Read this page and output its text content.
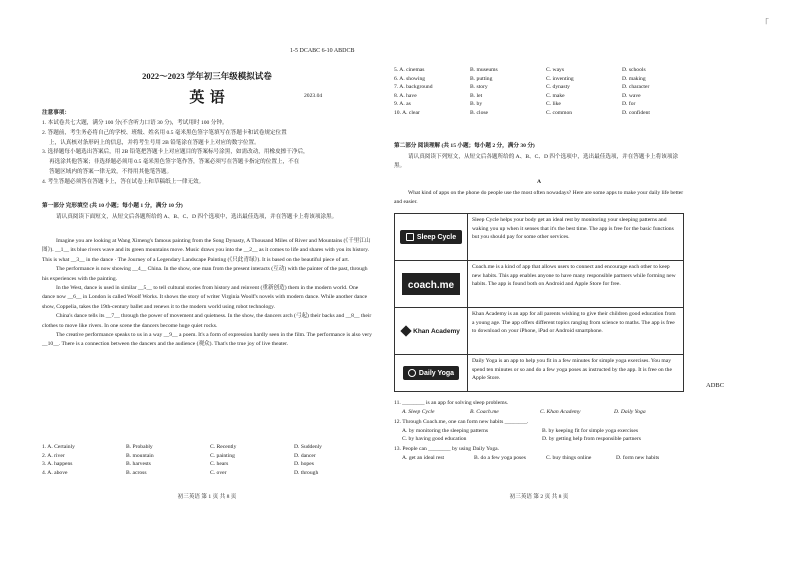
1-5 DCABC 6-10 ABDCB
「
2022～2023 学年初三年级模拟试卷
英 语	2023.04
注意事项：
1. 本试卷共七大题，满分 100 分(不含听力口语 30 分)，考试用时 100 分钟。
2. 答题前，考生务必将自己的学校、班级、姓名用 0.5 毫米黑色签字笔填写在答题卡和试卷规定位置
上，认真核对条形码上的信息，并将考生号用 2B 铅笔涂在答题卡上对应的数字位置。
3. 选择题每小题选出答案后，用 2B 铅笔把答题卡上对应题目的答案标号涂黑，如需改动，用橡皮擦干净后，
再选涂其他答案；非选择题必须用 0.5 毫米黑色签字笔作答，答案必须写在答题卡指定的位置上，不在
答题区域内的答案一律无效，不得用其他笔答题。
4. 考生答题必须答在答题卡上，答在试卷上和草稿纸上一律无效。
第一部分 完形填空 (共 10 小题；每小题 1 分，满分 10 分)
请认真阅读下面短文，从短文后各题所给的 A、B、C、D 四个选项中，选出最佳选项，并在答题卡上将该项涂黑。
Imagine you are looking at Wang Ximeng's famous painting from the Song Dynasty, A Thousand Miles of River and Mountains (《千里江山图》). __1__ its blue rivers wave and its green mountains move. Music draws you into the __2__ as it comes to life and shares with you its history. This is what __3__ in the dance · The Journey of a Legendary Landscape Painting (《只此青绿》). It is based on the beautiful piece of art.
The performance is now showing __4__ China. In the show, one man from the present interacts (互动) with the painter of the past, through his experiences with the painting.
In the West, dance is used in similar __5__ to tell cultural stories from history and reinvent (重新创造) them in the modern world. One dance now __6__ in London is called Woolf Works. It shows the story of writer Virginia Woolf's novels with modern dance. While another dance show, Coppelia, takes the 19th-century ballet and renews it to the modern world using robot technology.
China's dance tells its __7__ through the power of movement and quietness. In the show, the dancers arch (弓起) their backs and __8__ their clothes to move like rivers. In one scene the dancers become huge quiet rocks.
The creative performance speaks to us in a way __9__ a poem. It's a form of expression hardly seen in the film. The performance is also very __10__. There is a connection between the dancers and the audience (观众). That's the true joy of live theater.
1. A. Certainly	B. Probably	C. Recently	D. Suddenly
2. A. river	B. mountain	C. painting	D. dancer
3. A. happens	B. harvests	C. hears	D. hopes
4. A. above	B. across	C. over	D. through
初三英语 第 1 页 共 8 页
5. A. cinemas	B. museums	C. ways	D. schools
6. A. showing	B. putting	C. inventing	D. making
7. A. background	B. story	C. dynasty	D. character
8. A. have	B. let	C. make	D. wave
9. A. as	B. by	C. like	D. for
10. A. clear	B. close	C. common	D. confident
第二部分 阅读理解 (共 15 小题；每小题 2 分，满分 30 分)
请认真阅读下列短文，从短文后各题所给的 A、B、C、D 四个选项中，选出最佳选项，并在答题卡上将该项涂黑。
A
What kind of apps on the phone do people use the most often nowadays? Here are some apps to make your daily life better and easier.
Sleep Cycle
Sleep Cycle helps your body get an ideal rest by monitoring your sleeping patterns and waking you up when it senses that it's the best time. The app is free for the basic functions but you should pay for some other services.
coach.me
Coach.me is a kind of app that allows users to connect and encourage each other to keep new habits. This app enables anyone to have many responsible partners while forming new habits. The app is found both on Android and Apple Store for free.
Khan Academy
Khan Academy is an app for all parents wishing to give their children good education from a young age. The app offers different topics ranging from science to maths. The app is free to download on your iPhone, iPad or Android smartphone.
Daily Yoga
Daily Yoga is an app to help you fit in a few minutes for simple yoga exercises. You may spend ten minutes or so and do a few yoga poses as instructed by the app. It is free on the Apple Store.
11. ________ is an app for solving sleep problems.
A. Sleep Cycle	B. Coach.me	C. Khan Academy	D. Daily Yoga
12. Through Coach.me, one can form new habits ________.
A. by monitoring the sleeping patterns	B. by keeping fit for simple yoga exercises
C. by having good education	D. by getting help from responsible partners
13. People can ________ by using Daily Yoga.
A. get an ideal rest	B. do a few yoga poses	C. buy things online	D. form new habits
初三英语 第 2 页 共 8 页
ADBC
